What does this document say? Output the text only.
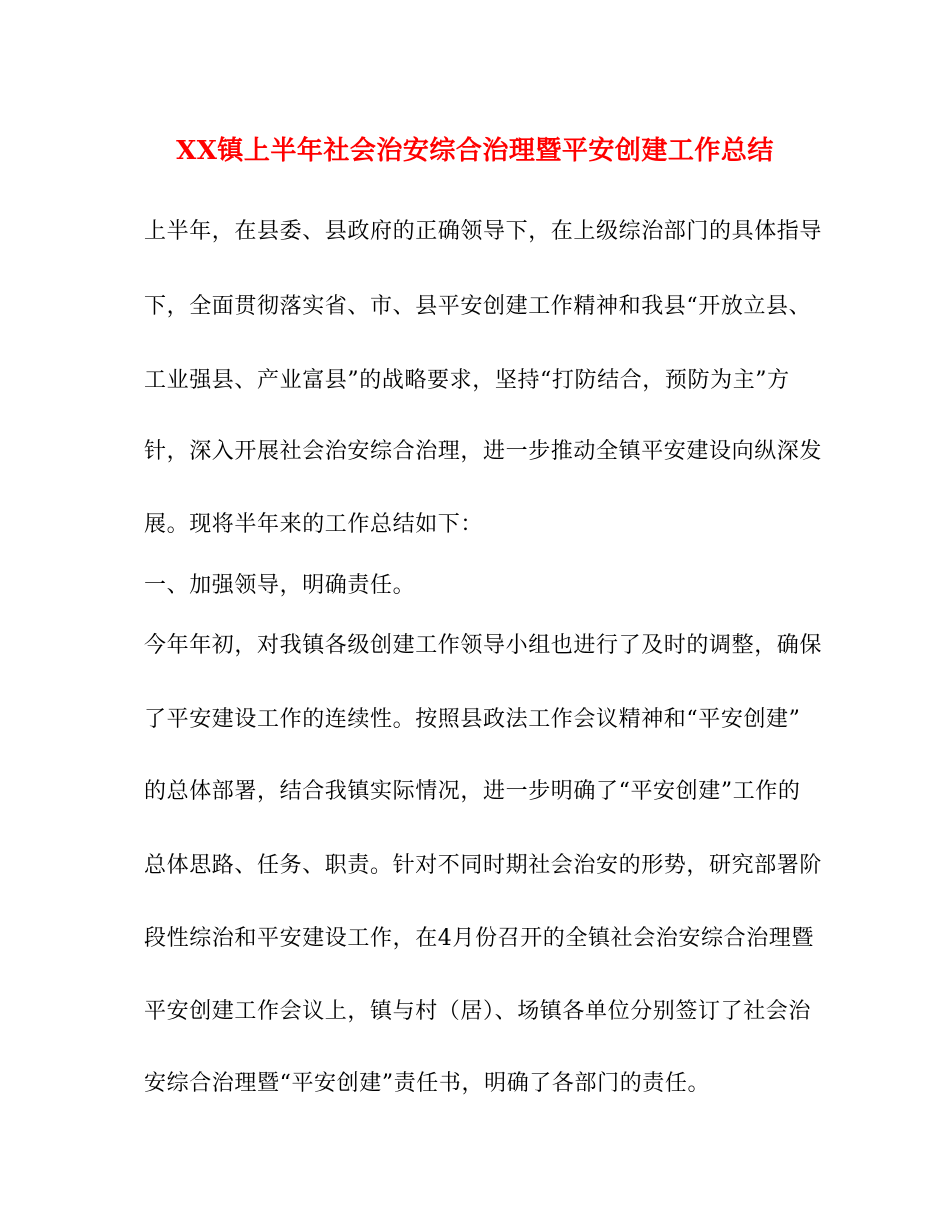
XX镇上半年社会治安综合治理暨平安创建工作总结
上半年，在县委、县政府的正确领导下，在上级综治部门的具体指导
下，全面贯彻落实省、市、县平安创建工作精神和我县“开放立县、
工业强县、产业富县”的战略要求，坚持“打防结合，预防为主”方
针，深入开展社会治安综合治理，进一步推动全镇平安建设向纵深发
展。现将半年来的工作总结如下：
一、加强领导，明确责任。
今年年初，对我镇各级创建工作领导小组也进行了及时的调整，确保
了平安建设工作的连续性。按照县政法工作会议精神和“平安创建”
的总体部署，结合我镇实际情况，进一步明确了“平安创建”工作的
总体思路、任务、职责。针对不同时期社会治安的形势，研究部署阶
段性综治和平安建设工作，在4月份召开的全镇社会治安综合治理暨
平安创建工作会议上，镇与村（居）、场镇各单位分别签订了社会治
安综合治理暨“平安创建”责任书，明确了各部门的责任。
